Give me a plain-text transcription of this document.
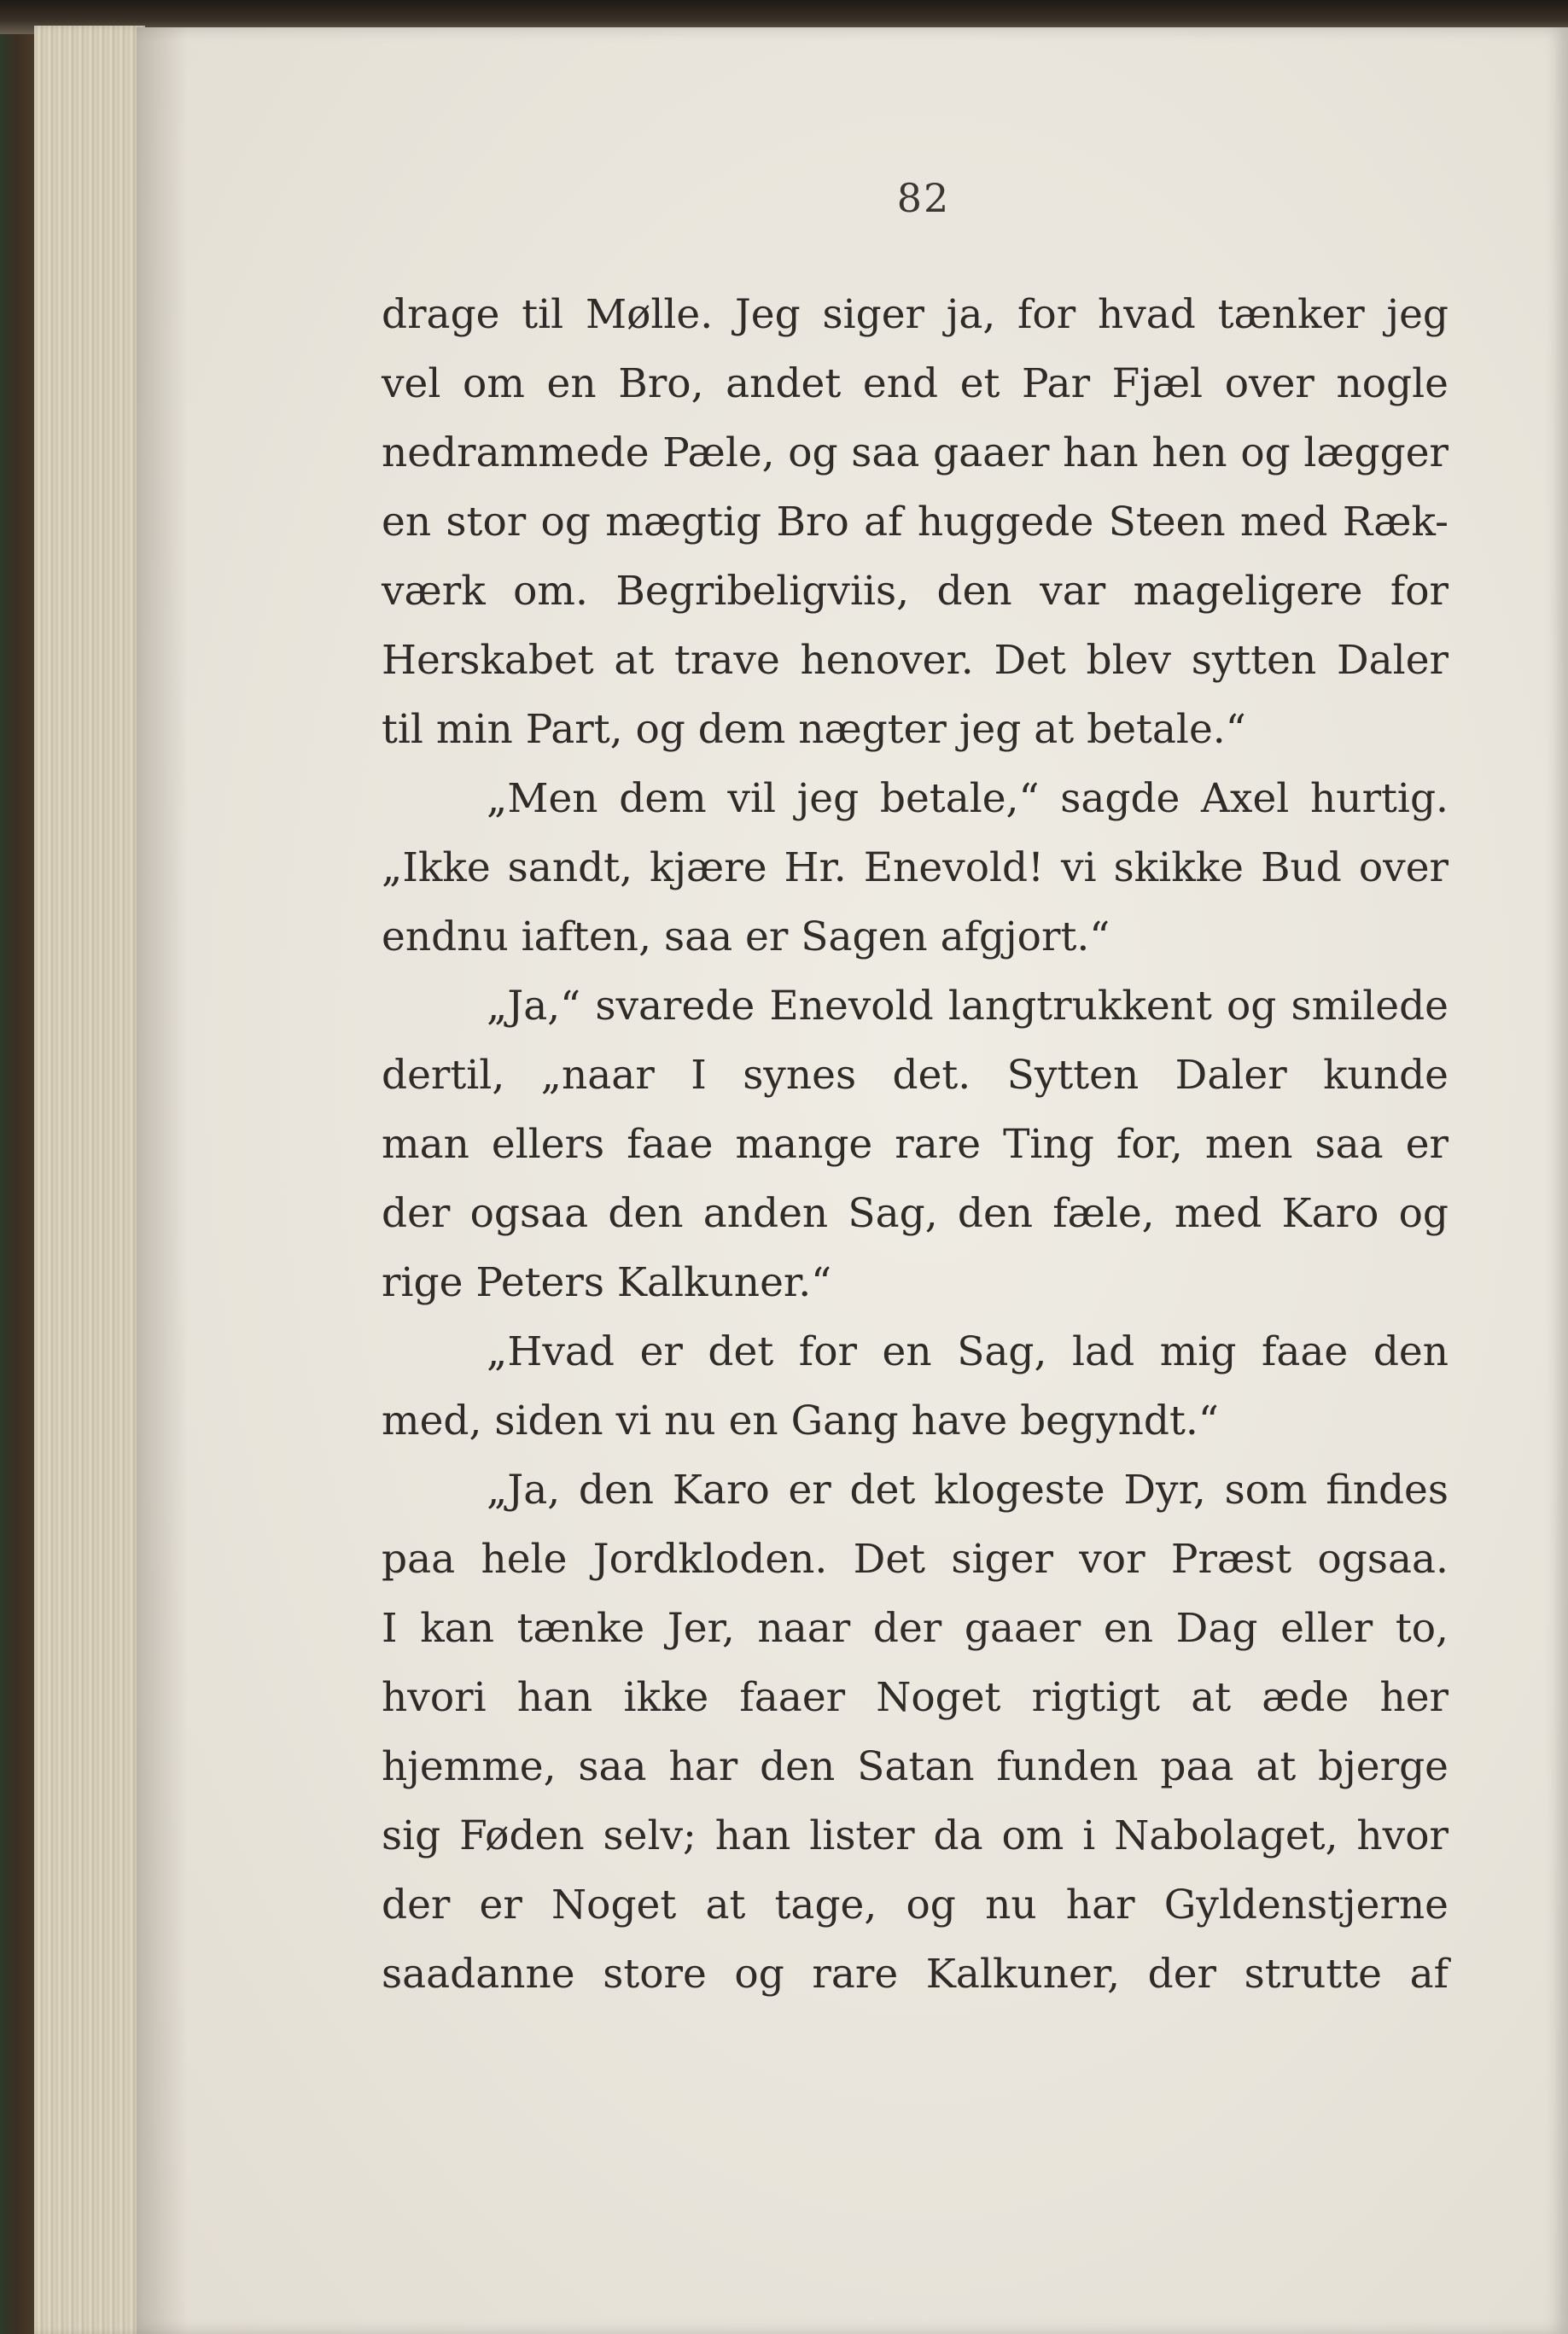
82
drage til Mølle. Jeg siger ja, for hvad tænker jeg
vel om en Bro, andet end et Par Fjæl over nogle
nedrammede Pæle, og saa gaaer han hen og lægger
en stor og mægtig Bro af huggede Steen med Ræk-
værk om. Begribeligviis, den var mageligere for
Herskabet at trave henover. Det blev sytten Daler
til min Part, og dem nægter jeg at betale.“
„Men dem vil jeg betale,“ sagde Axel hurtig.
„Ikke sandt, kjære Hr. Enevold! vi skikke Bud over
endnu iaften, saa er Sagen afgjort.“
„Ja,“ svarede Enevold langtrukkent og smilede
dertil, „naar I synes det. Sytten Daler kunde
man ellers faae mange rare Ting for, men saa er
der ogsaa den anden Sag, den fæle, med Karo og
rige Peters Kalkuner.“
„Hvad er det for en Sag, lad mig faae den
med, siden vi nu en Gang have begyndt.“
„Ja, den Karo er det klogeste Dyr, som findes
paa hele Jordkloden. Det siger vor Præst ogsaa.
I kan tænke Jer, naar der gaaer en Dag eller to,
hvori han ikke faaer Noget rigtigt at æde her
hjemme, saa har den Satan funden paa at bjerge
sig Føden selv; han lister da om i Nabolaget, hvor
der er Noget at tage, og nu har Gyldenstjerne
saadanne store og rare Kalkuner, der strutte af
